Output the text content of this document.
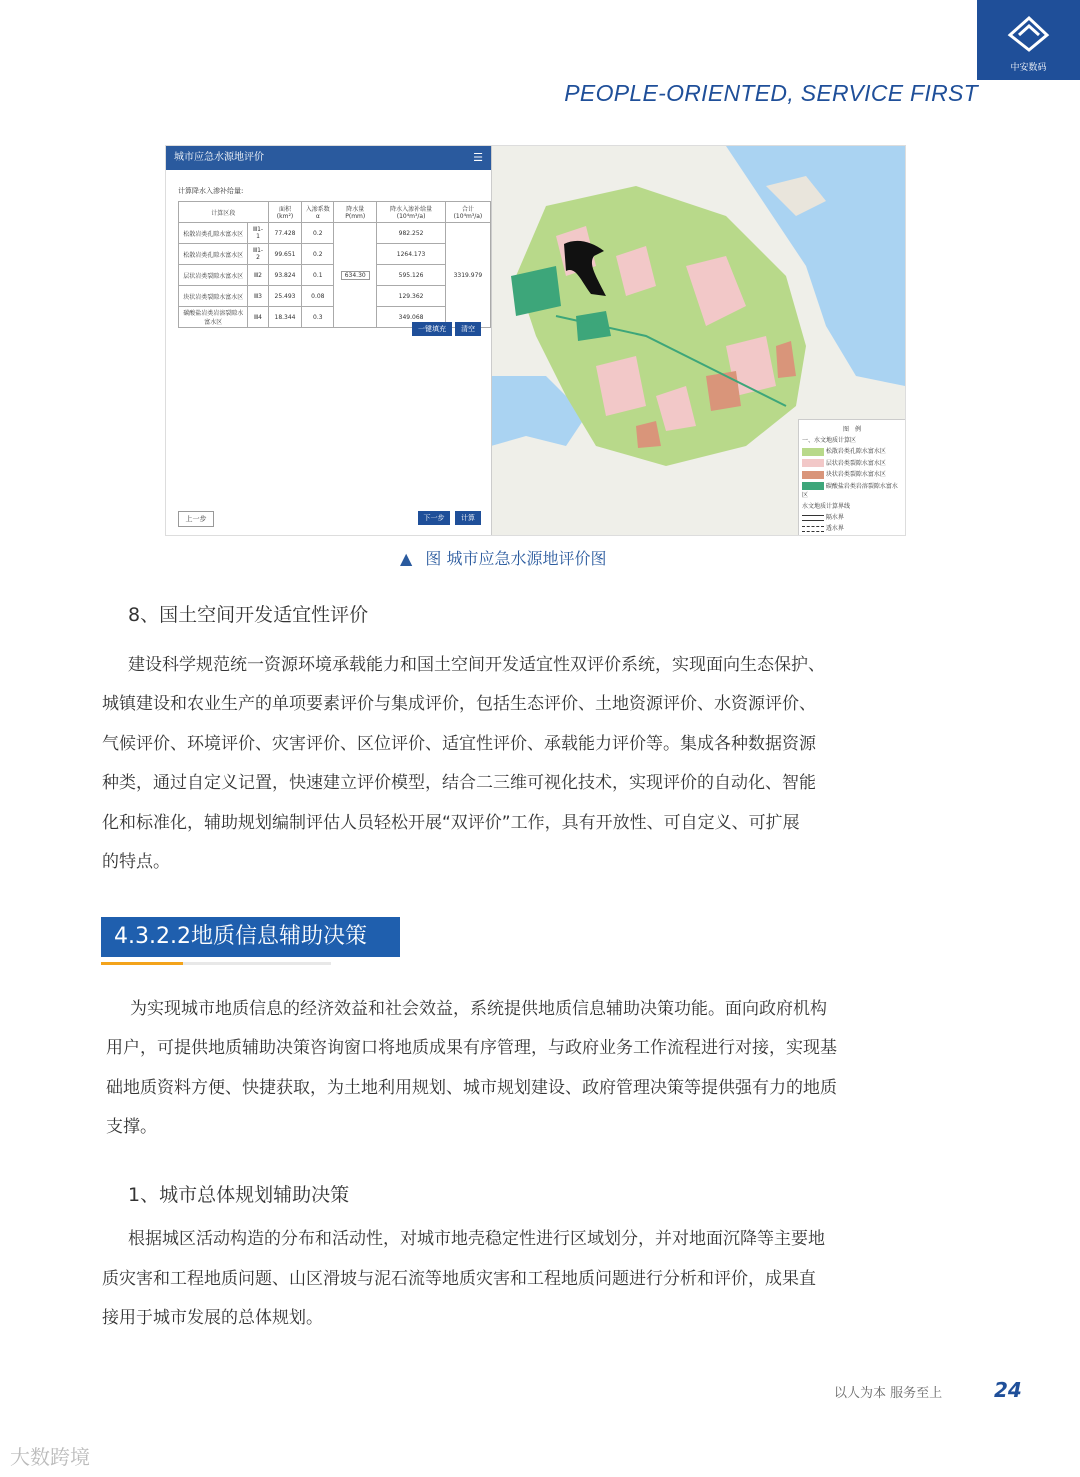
中安数码
PEOPLE-ORIENTED, SERVICE FIRST
城市应急水源地评价	☰
计算降水入渗补给量:
计算区段		面积(km²)	入渗系数α	降水量P(mm)	降水入渗补给量(10⁴m³/a)	合计(10⁴m³/a)
松散岩类孔隙水富水区	Ⅲ1-1	77.428	0.2	634.30	982.252	3319.979
松散岩类孔隙水富水区	Ⅲ1-2	99.651	0.2		1264.173	
层状岩类裂隙水富水区	Ⅲ2	93.824	0.1		595.126	
块状岩类裂隙水富水区	Ⅲ3	25.493	0.08		129.362	
碳酸盐岩类岩溶裂隙水富水区	Ⅲ4	18.344	0.3		349.068	
一键填充	清空
上一步	下一步	计算
图　例
一、水文地质计算区
松散岩类孔隙水富水区
层状岩类裂隙水富水区
块状岩类裂隙水富水区
碳酸盐岩类岩溶裂隙水富水区
水文地质计算界线
隔水界
透水界
▲ 图 城市应急水源地评价图
8、国土空间开发适宜性评价
建设科学规范统一资源环境承载能力和国土空间开发适宜性双评价系统，实现面向生态保护、
城镇建设和农业生产的单项要素评价与集成评价，包括生态评价、土地资源评价、水资源评价、
气候评价、环境评价、灾害评价、区位评价、适宜性评价、承载能力评价等。集成各种数据资源
种类，通过自定义记置，快速建立评价模型，结合二三维可视化技术，实现评价的自动化、智能
化和标准化，辅助规划编制评估人员轻松开展“双评价”工作，具有开放性、可自定义、可扩展
的特点。
4.3.2.2地质信息辅助决策
为实现城市地质信息的经济效益和社会效益，系统提供地质信息辅助决策功能。面向政府机构
用户，可提供地质辅助决策咨询窗口将地质成果有序管理，与政府业务工作流程进行对接，实现基
础地质资料方便、快捷获取，为土地利用规划、城市规划建设、政府管理决策等提供强有力的地质
支撑。
1、城市总体规划辅助决策
根据城区活动构造的分布和活动性，对城市地壳稳定性进行区域划分，并对地面沉降等主要地
质灾害和工程地质问题、山区滑坡与泥石流等地质灾害和工程地质问题进行分析和评价，成果直
接用于城市发展的总体规划。
以人为本 服务至上	24
大数跨境
